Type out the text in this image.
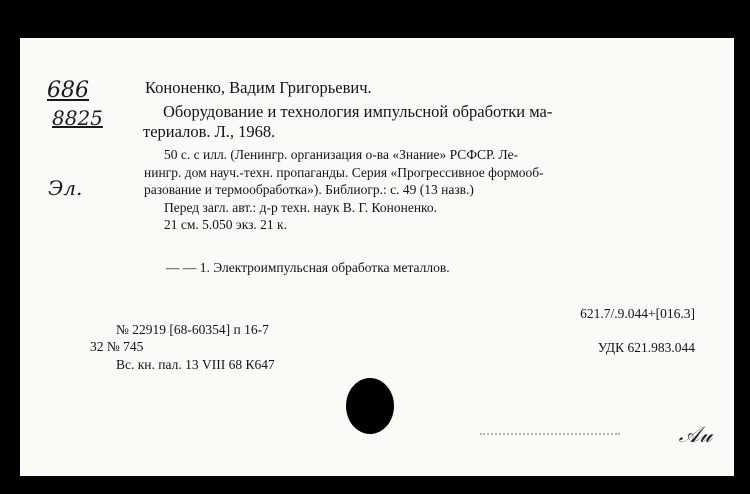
686
8825
Эл.
Кононенко, Вадим Григорьевич.
Оборудование и технология импульсной обработки ма-
териалов. Л., 1968.
50 с. с илл. (Ленингр. организация о-ва «Знание» РСФСР. Ле-
нингр. дом науч.-техн. пропаганды. Серия «Прогрессивное формооб-
разование и термообработка»). Библиогр.: с. 49 (13 назв.)
Перед загл. авт.: д-р техн. наук В. Г. Кононенко.
21 см. 5.050 экз. 21 к.
— — 1. Электроимпульсная обработка металлов.
621.7/.9.044+[016.3]
№ 22919 [68-60354] п 16-7
32 № 745	УДК 621.983.044
Вс. кн. пал. 13 VIII 68 К647
𝒜𝓊
